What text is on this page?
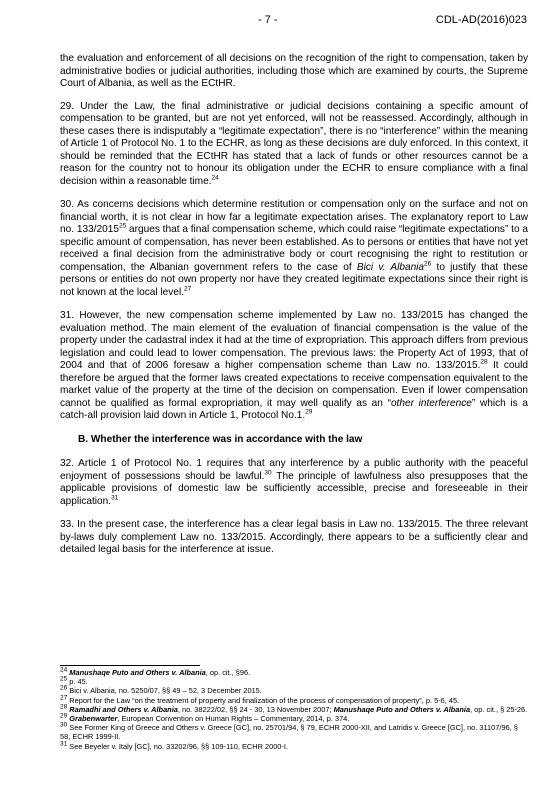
- 7 -	CDL-AD(2016)023

the evaluation and enforcement of all decisions on the recognition of the right to compensation, taken by administrative bodies or judicial authorities, including those which are examined by courts, the Supreme Court of Albania, as well as the ECtHR.

29. Under the Law, the final administrative or judicial decisions containing a specific amount of compensation to be granted, but are not yet enforced, will not be reassessed. Accordingly, although in these cases there is indisputably a “legitimate expectation”, there is no “interference” within the meaning of Article 1 of Protocol No. 1 to the ECHR, as long as these decisions are duly enforced. In this context, it should be reminded that the ECtHR has stated that a lack of funds or other resources cannot be a reason for the country not to honour its obligation under the ECHR to ensure compliance with a final decision within a reasonable time.$^{24}$

30. As concerns decisions which determine restitution or compensation only on the surface and not on financial worth, it is not clear in how far a legitimate expectation arises. The explanatory report to Law no. 133/2015$^{25}$ argues that a final compensation scheme, which could raise “legitimate expectations” to a specific amount of compensation, has never been established. As to persons or entities that have not yet received a final decision from the administrative body or court recognising the right to restitution or compensation, the Albanian government refers to the case of Bici v. Albania$^{26}$ to justify that these persons or entities do not own property nor have they created legitimate expectations since their right is not known at the local level.$^{27}$

31. However, the new compensation scheme implemented by Law no. 133/2015 has changed the evaluation method. The main element of the evaluation of financial compensation is the value of the property under the cadastral index it had at the time of expropriation. This approach differs from previous legislation and could lead to lower compensation. The previous laws: the Property Act of 1993, that of 2004 and that of 2006 foresaw a higher compensation scheme than Law no. 133/2015.28 It could therefore be argued that the former laws created expectations to receive compensation equivalent to the market value of the property at the time of the decision on compensation. Even if lower compensation cannot be qualified as formal expropriation, it may well qualify as an “other interference” which is a catch-all provision laid down in Article 1, Protocol No.1.29

B. Whether the interference was in accordance with the law

32. Article 1 of Protocol No. 1 requires that any interference by a public authority with the peaceful enjoyment of possessions should be lawful.$^{30}$ The principle of lawfulness also presupposes that the applicable provisions of domestic law be sufficiently accessible, precise and foreseeable in their application.$^{31}$

33. In the present case, the interference has a clear legal basis in Law no. 133/2015. The three relevant by-laws duly complement Law no. 133/2015. Accordingly, there appears to be a sufficiently clear and detailed legal basis for the interference at issue.

$^{24}$ Manushaqe Puto and Others v. Albania, op. cit., §96.

$^{25}$ p. 45.

$^{26}$ Bici v. Albania, no. 5250/07, §§ 49 – 52, 3 December 2015.

$^{27}$ Report for the Law “on the treatment of property and finalization of the process of compensation of property”, p. 5-6, 45.

$^{28}$ Ramadhi and Others v. Albania, no. 38222/02, §§ 24 - 30, 13 November 2007; Manushaqe Puto and Others v. Albania, op. cit., § 25-26.

$^{29}$ Grabenwarter, European Convention on Human Rights – Commentary, 2014, p. 374.

$^{30}$ See Former King of Greece and Others v. Greece [GC], no. 25701/94, § 79, ECHR 2000-XII, and Latridis v. Greece [GC], no. 31107/96, § 58, ECHR 1999-II.

$^{31}$ See Beyeler v. Italy [GC], no. 33202/96, §§ 109-110, ECHR 2000-I.
